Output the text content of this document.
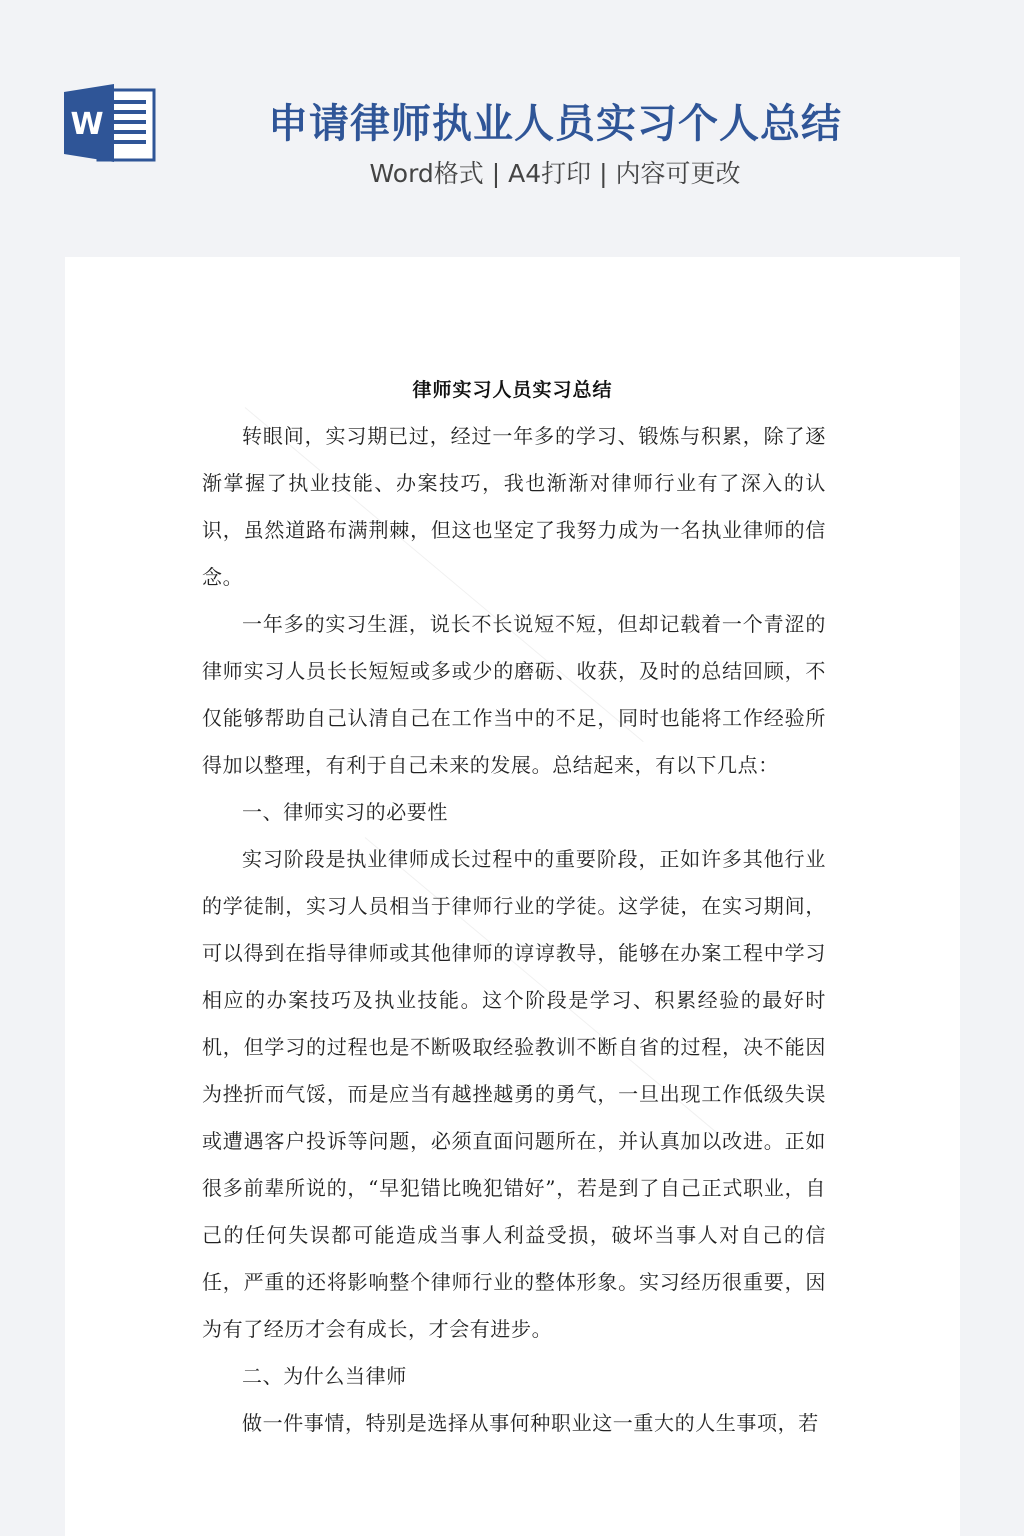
W	申请律师执业人员实习个人总结
Word格式 | A4打印 | 内容可更改
律师实习人员实习总结

转眼间，实习期已过，经过一年多的学习、锻炼与积累，除了逐渐掌握了执业技能、办案技巧，我也渐渐对律师行业有了深入的认识，虽然道路布满荆棘，但这也坚定了我努力成为一名执业律师的信念。

一年多的实习生涯，说长不长说短不短，但却记载着一个青涩的律师实习人员长长短短或多或少的磨砺、收获，及时的总结回顾，不仅能够帮助自己认清自己在工作当中的不足，同时也能将工作经验所得加以整理，有利于自己未来的发展。总结起来，有以下几点：

一、律师实习的必要性

实习阶段是执业律师成长过程中的重要阶段，正如许多其他行业的学徒制，实习人员相当于律师行业的学徒。这学徒，在实习期间，可以得到在指导律师或其他律师的谆谆教导，能够在办案工程中学习相应的办案技巧及执业技能。这个阶段是学习、积累经验的最好时机，但学习的过程也是不断吸取经验教训不断自省的过程，决不能因为挫折而气馁，而是应当有越挫越勇的勇气，一旦出现工作低级失误或遭遇客户投诉等问题，必须直面问题所在，并认真加以改进。正如很多前辈所说的，“早犯错比晚犯错好”，若是到了自己正式职业，自己的任何失误都可能造成当事人利益受损，破坏当事人对自己的信任，严重的还将影响整个律师行业的整体形象。实习经历很重要，因为有了经历才会有成长，才会有进步。

二、为什么当律师

做一件事情，特别是选择从事何种职业这一重大的人生事项，若
